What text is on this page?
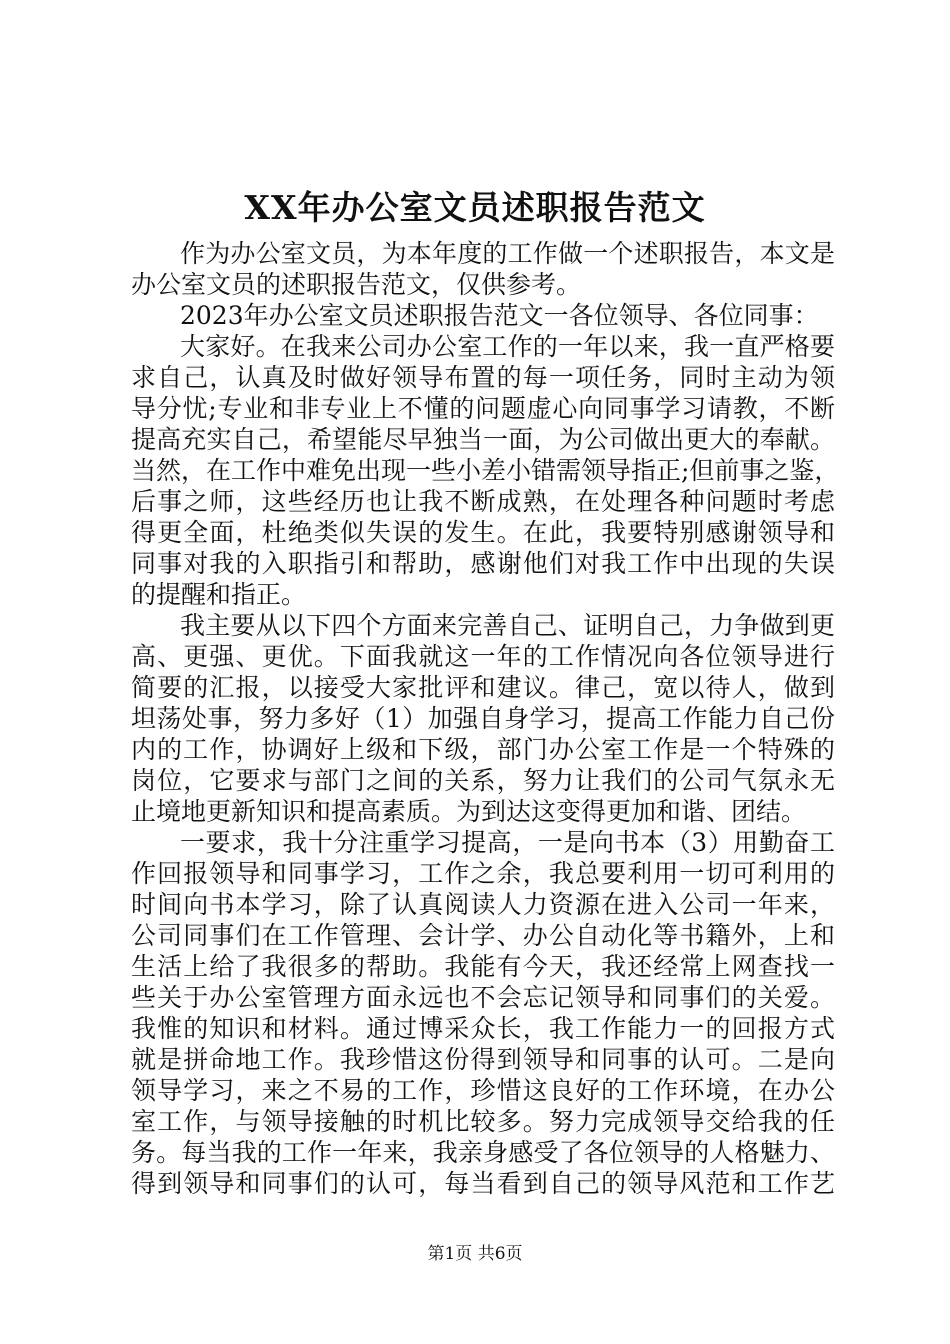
XX年办公室文员述职报告范文
作为办公室文员，为本年度的工作做一个述职报告，本文是
办公室文员的述职报告范文，仅供参考。
2023年办公室文员述职报告范文一各位领导、各位同事：
大家好。在我来公司办公室工作的一年以来，我一直严格要
求自己，认真及时做好领导布置的每一项任务，同时主动为领
导分忧;专业和非专业上不懂的问题虚心向同事学习请教，不断
提高充实自己，希望能尽早独当一面，为公司做出更大的奉献。
当然，在工作中难免出现一些小差小错需领导指正;但前事之鉴，
后事之师，这些经历也让我不断成熟，在处理各种问题时考虑
得更全面，杜绝类似失误的发生。在此，我要特别感谢领导和
同事对我的入职指引和帮助，感谢他们对我工作中出现的失误
的提醒和指正。
我主要从以下四个方面来完善自己、证明自己，力争做到更
高、更强、更优。下面我就这一年的工作情况向各位领导进行
简要的汇报，以接受大家批评和建议。律己，宽以待人，做到
坦荡处事，努力多好（1）加强自身学习，提高工作能力自己份
内的工作，协调好上级和下级，部门办公室工作是一个特殊的
岗位，它要求与部门之间的关系，努力让我们的公司气氛永无
止境地更新知识和提高素质。为到达这变得更加和谐、团结。
一要求，我十分注重学习提高，一是向书本（3）用勤奋工
作回报领导和同事学习，工作之余，我总要利用一切可利用的
时间向书本学习，除了认真阅读人力资源在进入公司一年来，
公司同事们在工作管理、会计学、办公自动化等书籍外，上和
生活上给了我很多的帮助。我能有今天，我还经常上网查找一
些关于办公室管理方面永远也不会忘记领导和同事们的关爱。
我惟的知识和材料。通过博采众长，我工作能力一的回报方式
就是拼命地工作。我珍惜这份得到领导和同事的认可。二是向
领导学习，来之不易的工作，珍惜这良好的工作环境，在办公
室工作，与领导接触的时机比较多。努力完成领导交给我的任
务。每当我的工作一年来，我亲身感受了各位领导的人格魅力、
得到领导和同事们的认可，每当看到自己的领导风范和工作艺
第1页 共6页
